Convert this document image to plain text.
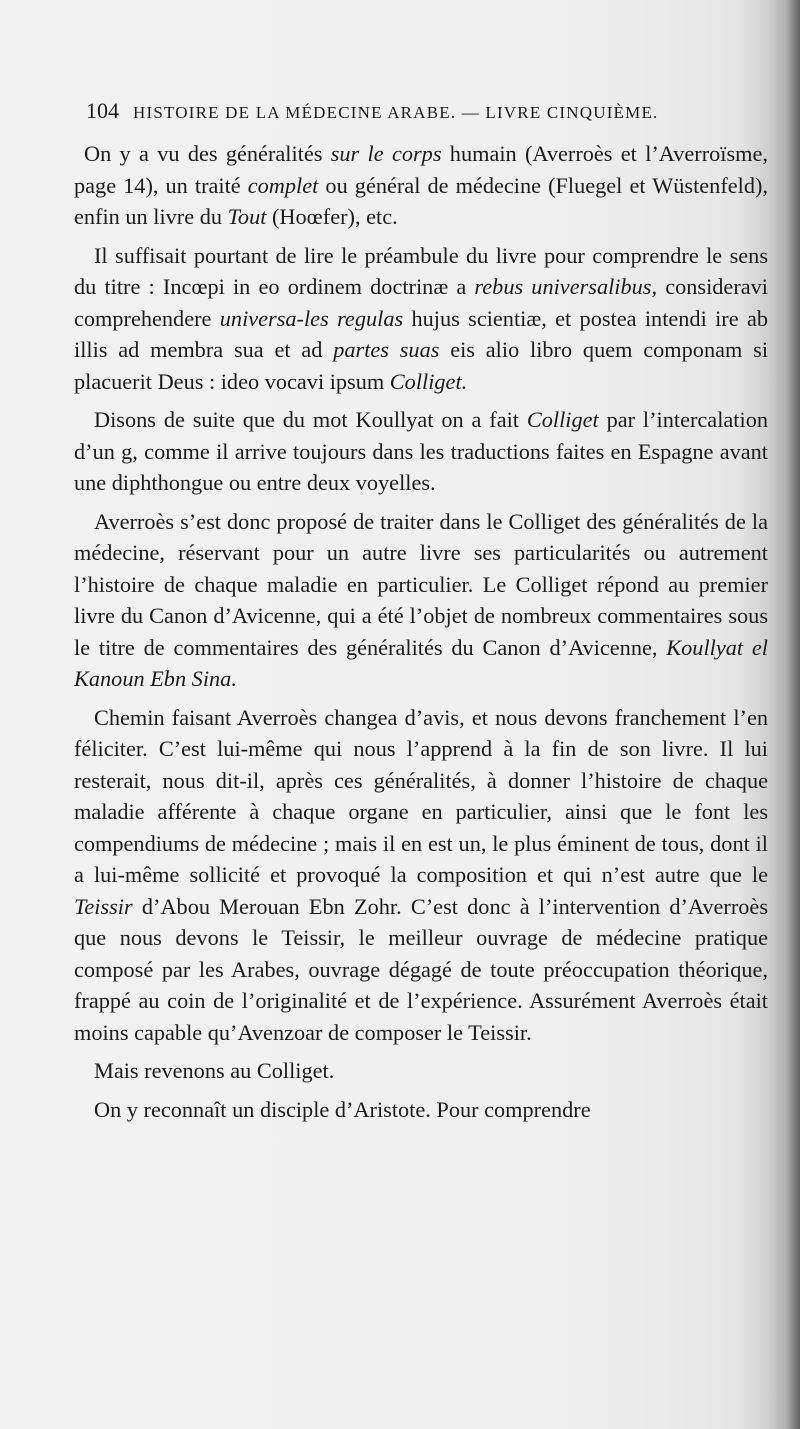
104 HISTOIRE DE LA MÉDECINE ARABE. — LIVRE CINQUIÈME.

On y a vu des généralités sur le corps humain (Averroès et l’Averroïsme, page 14), un traité complet ou général de médecine (Fluegel et Wüstenfeld), enfin un livre du Tout (Hoœfer), etc.

Il suffisait pourtant de lire le préambule du livre pour comprendre le sens du titre : Incœpi in eo ordinem doctrinæ a rebus universalibus, consideravi comprehendere universa-les regulas hujus scientiæ, et postea intendi ire ab illis ad membra sua et ad partes suas eis alio libro quem componam si placuerit Deus : ideo vocavi ipsum Colliget.

Disons de suite que du mot Koullyat on a fait Colliget par l’intercalation d’un g, comme il arrive toujours dans les traductions faites en Espagne avant une diphthongue ou entre deux voyelles.

Averroès s’est donc proposé de traiter dans le Colliget des généralités de la médecine, réservant pour un autre livre ses particularités ou autrement l’histoire de chaque maladie en particulier. Le Colliget répond au premier livre du Canon d’Avicenne, qui a été l’objet de nombreux commentaires sous le titre de commentaires des généralités du Canon d’Avicenne, Koullyat el Kanoun Ebn Sina.

Chemin faisant Averroès changea d’avis, et nous devons franchement l’en féliciter. C’est lui-même qui nous l’apprend à la fin de son livre. Il lui resterait, nous dit-il, après ces généralités, à donner l’histoire de chaque maladie afférente à chaque organe en particulier, ainsi que le font les compendiums de médecine ; mais il en est un, le plus éminent de tous, dont il a lui-même sollicité et provoqué la composition et qui n’est autre que le Teissir d’Abou Merouan Ebn Zohr. C’est donc à l’intervention d’Averroès que nous devons le Teissir, le meilleur ouvrage de médecine pratique composé par les Arabes, ouvrage dégagé de toute préoccupation théorique, frappé au coin de l’originalité et de l’expérience. Assurément Averroès était moins capable qu’Avenzoar de composer le Teissir.

Mais revenons au Colliget.

On y reconnaît un disciple d’Aristote. Pour comprendre
